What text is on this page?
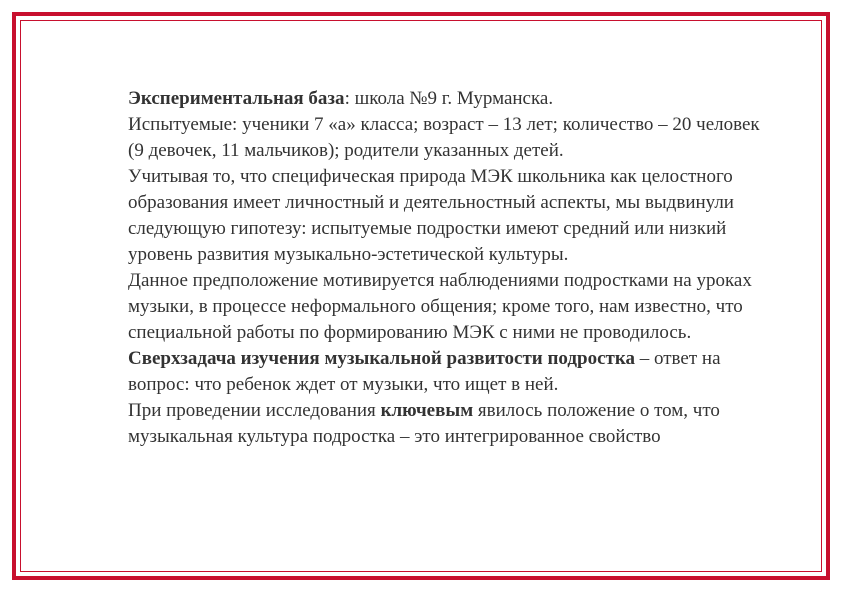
Экспериментальная база: школа №9 г. Мурманска.

Испытуемые: ученики 7 «а» класса; возраст – 13 лет; количество – 20 человек (9 девочек, 11 мальчиков); родители указанных детей.

Учитывая то, что специфическая природа МЭК школьника как целостного образования имеет личностный и деятельностный аспекты, мы выдвинули следующую гипотезу: испытуемые подростки имеют средний или низкий уровень развития музыкально-эстетической культуры.

Данное предположение мотивируется наблюдениями подростками на уроках музыки, в процессе неформального общения; кроме того, нам известно, что специальной работы по формированию МЭК с ними не проводилось.

Сверхзадача изучения музыкальной развитости подростка – ответ на вопрос: что ребенок ждет от музыки, что ищет в ней.

При проведении исследования ключевым явилось положение о том, что музыкальная культура подростка – это интегрированное свойство
